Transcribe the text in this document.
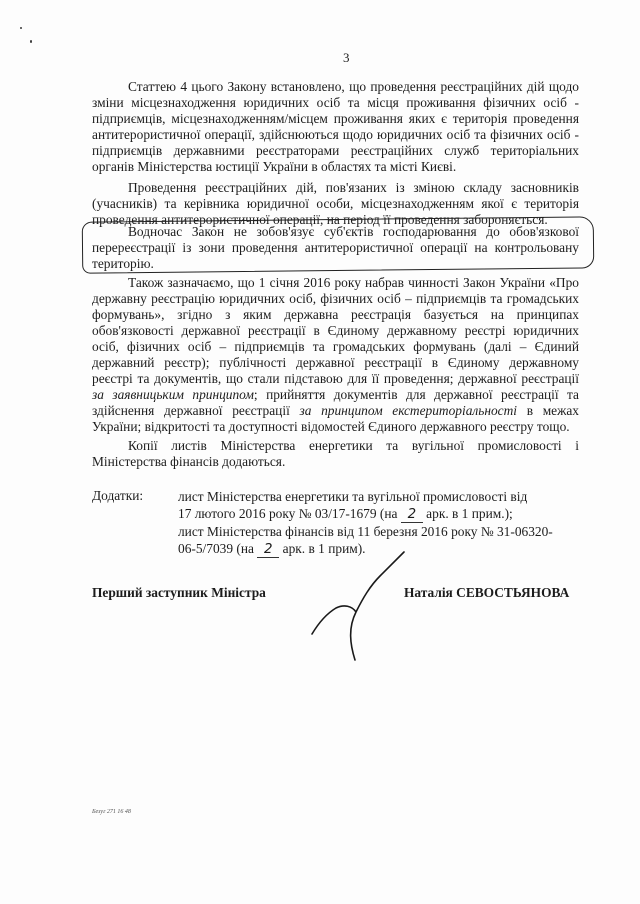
3
Статтею 4 цього Закону встановлено, що проведення реєстраційних дій щодо
зміни місцезнаходження юридичних осіб та місця проживання фізичних осіб -
підприємців, місцезнаходженням/місцем проживання яких є територія проведення
антитерористичної операції, здійснюються щодо юридичних осіб та фізичних осіб -
підприємців державними реєстраторами реєстраційних служб територіальних
органів Міністерства юстиції України в областях та місті Києві.
Проведення реєстраційних дій, пов'язаних із зміною складу засновників
(учасників) та керівника юридичної особи, місцезнаходженням якої є територія
проведення антитерористичної операції, на період її проведення забороняється.
Водночас Закон не зобов'язує суб'єктів господарювання до обов'язкової
перереєстрації із зони проведення антитерористичної операції на контрольовану
територію.
Також зазначаємо, що 1 січня 2016 року набрав чинності Закон України «Про
державну реєстрацію юридичних осіб, фізичних осіб – підприємців та громадських
формувань», згідно з яким державна реєстрація базується на принципах
обов'язковості державної реєстрації в Єдиному державному реєстрі юридичних
осіб, фізичних осіб – підприємців та громадських формувань (далі – Єдиний
державний реєстр); публічності державної реєстрації в Єдиному державному
реєстрі та документів, що стали підставою для її проведення; державної реєстрації
за заявницьким принципом; прийняття документів для державної реєстрації та
здійснення державної реєстрації за принципом екстериторіальності в межах
України; відкритості та доступності відомостей Єдиного державного реєстру тощо.
Копії листів Міністерства енергетики та вугільної промисловості і
Міністерства фінансів додаються.
Додатки:	лист Міністерства енергетики та вугільної промисловості від
17 лютого 2016 року № 03/17-1679 (на 2 арк. в 1 прим.);
лист Міністерства фінансів від 11 березня 2016 року № 31-06320-
06-5/7039 (на 2 арк. в 1 прим).
Перший заступник Міністра	Наталія СЕВОСТЬЯНОВА
Безуг 271 16 48
